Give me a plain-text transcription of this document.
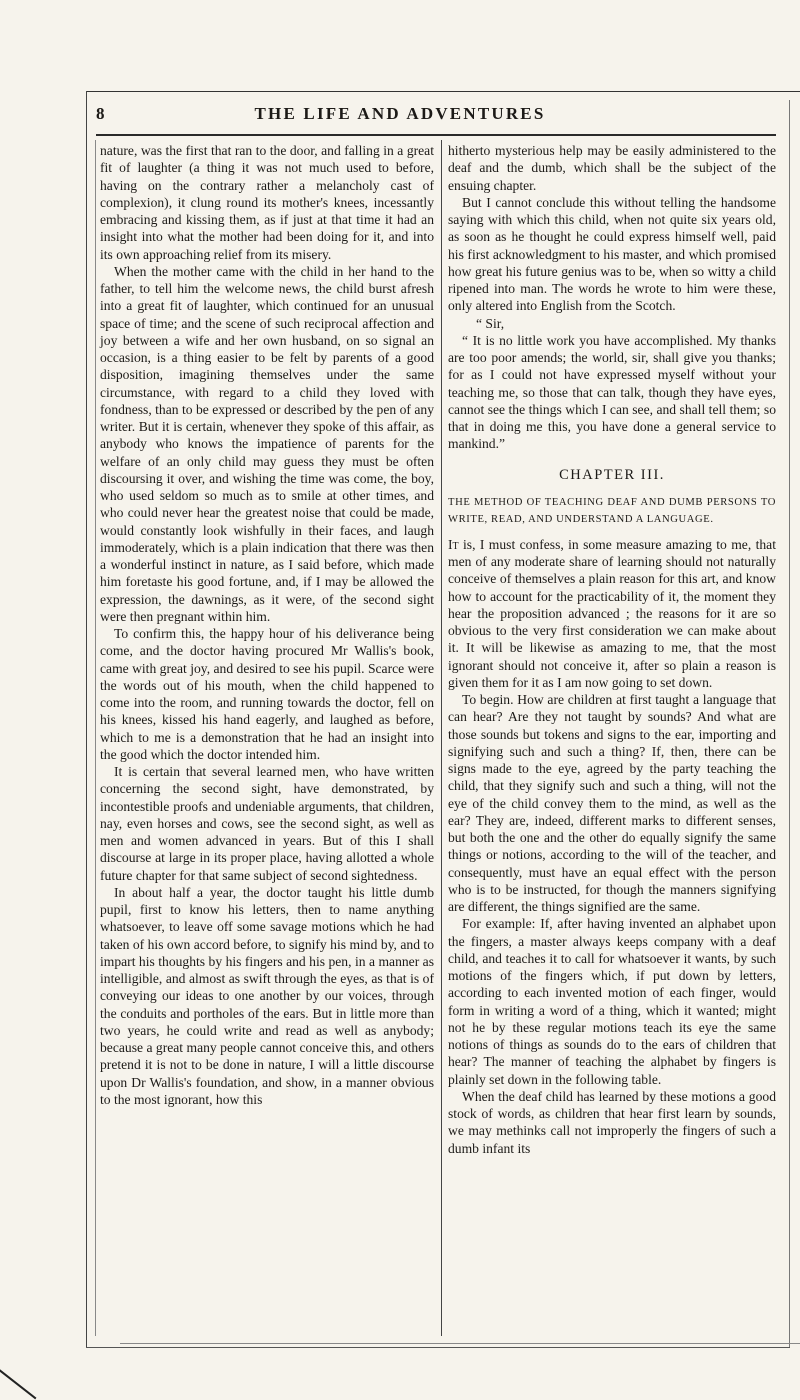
THE LIFE AND ADVENTURES
8

nature, was the first that ran to the door, and falling in a great fit of laughter (a thing it was not much used to before, having on the contrary rather a melancholy cast of complexion), it clung round its mother's knees, incessantly embracing and kissing them, as if just at that time it had an insight into what the mother had been doing for it, and into its own approaching relief from its misery.

When the mother came with the child in her hand to the father, to tell him the welcome news, the child burst afresh into a great fit of laughter, which continued for an unusual space of time; and the scene of such reciprocal affection and joy between a wife and her own husband, on so signal an occasion, is a thing easier to be felt by parents of a good disposition, imagining themselves under the same circumstance, with regard to a child they loved with fondness, than to be expressed or described by the pen of any writer. But it is certain, whenever they spoke of this affair, as anybody who knows the impatience of parents for the welfare of an only child may guess they must be often discoursing it over, and wishing the time was come, the boy, who used seldom so much as to smile at other times, and who could never hear the greatest noise that could be made, would constantly look wishfully in their faces, and laugh immoderately, which is a plain indication that there was then a wonderful instinct in nature, as I said before, which made him foretaste his good fortune, and, if I may be allowed the expression, the dawnings, as it were, of the second sight were then pregnant within him.

To confirm this, the happy hour of his deliverance being come, and the doctor having procured Mr Wallis's book, came with great joy, and desired to see his pupil. Scarce were the words out of his mouth, when the child happened to come into the room, and running towards the doctor, fell on his knees, kissed his hand eagerly, and laughed as before, which to me is a demonstration that he had an insight into the good which the doctor intended him.

It is certain that several learned men, who have written concerning the second sight, have demonstrated, by incontestible proofs and undeniable arguments, that children, nay, even horses and cows, see the second sight, as well as men and women advanced in years. But of this I shall discourse at large in its proper place, having allotted a whole future chapter for that same subject of second sightedness.

In about half a year, the doctor taught his little dumb pupil, first to know his letters, then to name anything whatsoever, to leave off some savage motions which he had taken of his own accord before, to signify his mind by, and to impart his thoughts by his fingers and his pen, in a manner as intelligible, and almost as swift through the eyes, as that is of conveying our ideas to one another by our voices, through the conduits and portholes of the ears. But in little more than two years, he could write and read as well as anybody; because a great many people cannot conceive this, and others pretend it is not to be done in nature, I will a little discourse upon Dr Wallis's foundation, and show, in a manner obvious to the most ignorant, how this

hitherto mysterious help may be easily administered to the deaf and the dumb, which shall be the subject of the ensuing chapter.

But I cannot conclude this without telling the handsome saying with which this child, when not quite six years old, as soon as he thought he could express himself well, paid his first acknowledgment to his master, and which promised how great his future genius was to be, when so witty a child ripened into man. The words he wrote to him were these, only altered into English from the Scotch.

“ Sir,

“ It is no little work you have accomplished. My thanks are too poor amends; the world, sir, shall give you thanks; for as I could not have expressed myself without your teaching me, so those that can talk, though they have eyes, cannot see the things which I can see, and shall tell them; so that in doing me this, you have done a general service to mankind.”

CHAPTER III.
THE METHOD OF TEACHING DEAF AND DUMB PERSONS TO WRITE, READ, AND UNDERSTAND A LANGUAGE.

It is, I must confess, in some measure amazing to me, that men of any moderate share of learning should not naturally conceive of themselves a plain reason for this art, and know how to account for the practicability of it, the moment they hear the proposition advanced ; the reasons for it are so obvious to the very first consideration we can make about it. It will be likewise as amazing to me, that the most ignorant should not conceive it, after so plain a reason is given them for it as I am now going to set down.

To begin. How are children at first taught a language that can hear? Are they not taught by sounds? And what are those sounds but tokens and signs to the ear, importing and signifying such and such a thing? If, then, there can be signs made to the eye, agreed by the party teaching the child, that they signify such and such a thing, will not the eye of the child convey them to the mind, as well as the ear? They are, indeed, different marks to different senses, but both the one and the other do equally signify the same things or notions, according to the will of the teacher, and consequently, must have an equal effect with the person who is to be instructed, for though the manners signifying are different, the things signified are the same.

For example: If, after having invented an alphabet upon the fingers, a master always keeps company with a deaf child, and teaches it to call for whatsoever it wants, by such motions of the fingers which, if put down by letters, according to each invented motion of each finger, would form in writing a word of a thing, which it wanted; might not he by these regular motions teach its eye the same notions of things as sounds do to the ears of children that hear? The manner of teaching the alphabet by fingers is plainly set down in the following table.

When the deaf child has learned by these motions a good stock of words, as children that hear first learn by sounds, we may methinks call not improperly the fingers of such a dumb infant its
